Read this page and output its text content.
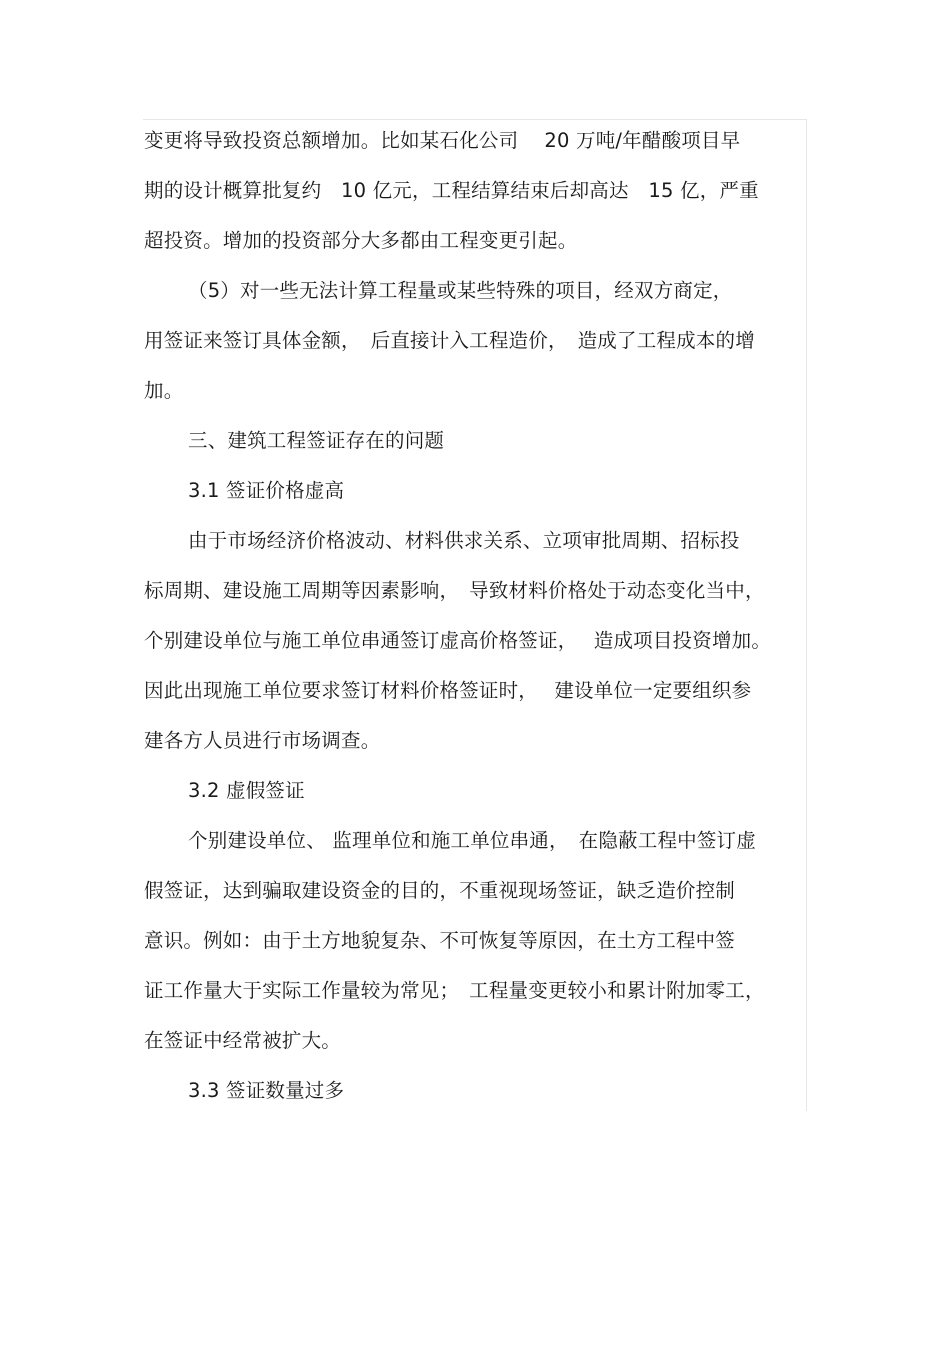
变更将导致投资总额增加。比如某石化公司　 20 万吨/年醋酸项目早
期的设计概算批复约　10 亿元，工程结算结束后却高达　15 亿，严重
超投资。增加的投资部分大多都由工程变更引起。
（5）对一些无法计算工程量或某些特殊的项目，经双方商定，
用签证来签订具体金额，　后直接计入工程造价，　造成了工程成本的增
加。
三、建筑工程签证存在的问题
3.1 签证价格虚高
由于市场经济价格波动、材料供求关系、立项审批周期、招标投
标周期、建设施工周期等因素影响，　导致材料价格处于动态变化当中，
个别建设单位与施工单位串通签订虚高价格签证，　 造成项目投资增加。
因此出现施工单位要求签订材料价格签证时，　 建设单位一定要组织参
建各方人员进行市场调查。
3.2 虚假签证
个别建设单位、 监理单位和施工单位串通，　在隐蔽工程中签订虚
假签证，达到骗取建设资金的目的，不重视现场签证，缺乏造价控制
意识。例如：由于土方地貌复杂、不可恢复等原因，在土方工程中签
证工作量大于实际工作量较为常见；　工程量变更较小和累计附加零工，
在签证中经常被扩大。
3.3 签证数量过多
